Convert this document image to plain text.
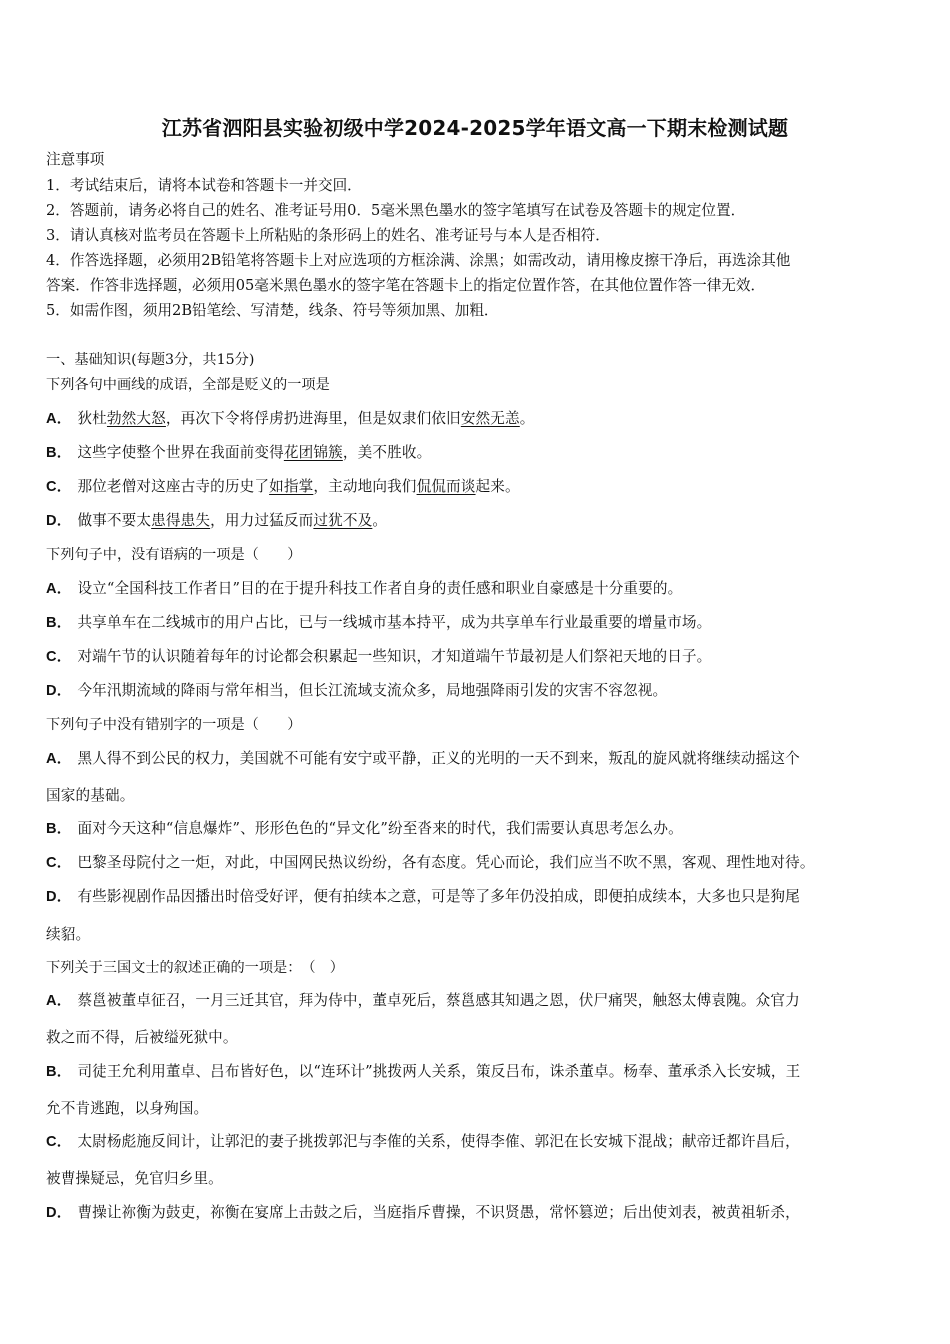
江苏省泗阳县实验初级中学2024-2025学年语文高一下期末检测试题
注意事项
1．考试结束后，请将本试卷和答题卡一并交回．
2．答题前，请务必将自己的姓名、准考证号用0．5毫米黑色墨水的签字笔填写在试卷及答题卡的规定位置．
3．请认真核对监考员在答题卡上所粘贴的条形码上的姓名、准考证号与本人是否相符．
4．作答选择题，必须用2B铅笔将答题卡上对应选项的方框涂满、涂黑；如需改动，请用橡皮擦干净后，再选涂其他
答案．作答非选择题，必须用05毫米黑色墨水的签字笔在答题卡上的指定位置作答，在其他位置作答一律无效．
5．如需作图，须用2B铅笔绘、写清楚，线条、符号等须加黑、加粗．
一、基础知识(每题3分，共15分)
下列各句中画线的成语，全部是贬义的一项是
A． 狄杜勃然大怒，再次下令将俘虏扔进海里，但是奴隶们依旧安然无恙。
B． 这些字使整个世界在我面前变得花团锦簇，美不胜收。
C． 那位老僧对这座古寺的历史了如指掌，主动地向我们侃侃而谈起来。
D． 做事不要太患得患失，用力过猛反而过犹不及。
下列句子中，没有语病的一项是（　　）
A． 设立“全国科技工作者日”目的在于提升科技工作者自身的责任感和职业自豪感是十分重要的。
B． 共享单车在二线城市的用户占比，已与一线城市基本持平，成为共享单车行业最重要的增量市场。
C． 对端午节的认识随着每年的讨论都会积累起一些知识，才知道端午节最初是人们祭祀天地的日子。
D． 今年汛期流域的降雨与常年相当，但长江流域支流众多，局地强降雨引发的灾害不容忽视。
下列句子中没有错别字的一项是（　　）
A． 黑人得不到公民的权力，美国就不可能有安宁或平静，正义的光明的一天不到来，叛乱的旋风就将继续动摇这个
国家的基础。
B． 面对今天这种“信息爆炸”、形形色色的“异文化”纷至沓来的时代，我们需要认真思考怎么办。
C． 巴黎圣母院付之一炬，对此，中国网民热议纷纷，各有态度。凭心而论，我们应当不吹不黑，客观、理性地对待。
D． 有些影视剧作品因播出时倍受好评，便有拍续本之意，可是等了多年仍没拍成，即便拍成续本，大多也只是狗尾
续貂。
下列关于三国文士的叙述正确的一项是：　（　）
A． 蔡邕被董卓征召，一月三迁其官，拜为侍中，董卓死后，蔡邕感其知遇之恩，伏尸痛哭，触怒太傅袁隗。众官力
救之而不得，后被缢死狱中。
B． 司徒王允利用董卓、吕布皆好色，以“连环计”挑拨两人关系，策反吕布，诛杀董卓。杨奉、董承杀入长安城，王
允不肯逃跑，以身殉国。
C． 太尉杨彪施反间计，让郭汜的妻子挑拨郭汜与李傕的关系，使得李傕、郭汜在长安城下混战；献帝迁都许昌后，
被曹操疑忌，免官归乡里。
D． 曹操让祢衡为鼓吏，祢衡在宴席上击鼓之后，当庭指斥曹操，不识贤愚，常怀篡逆；后出使刘表，被黄祖斩杀，
